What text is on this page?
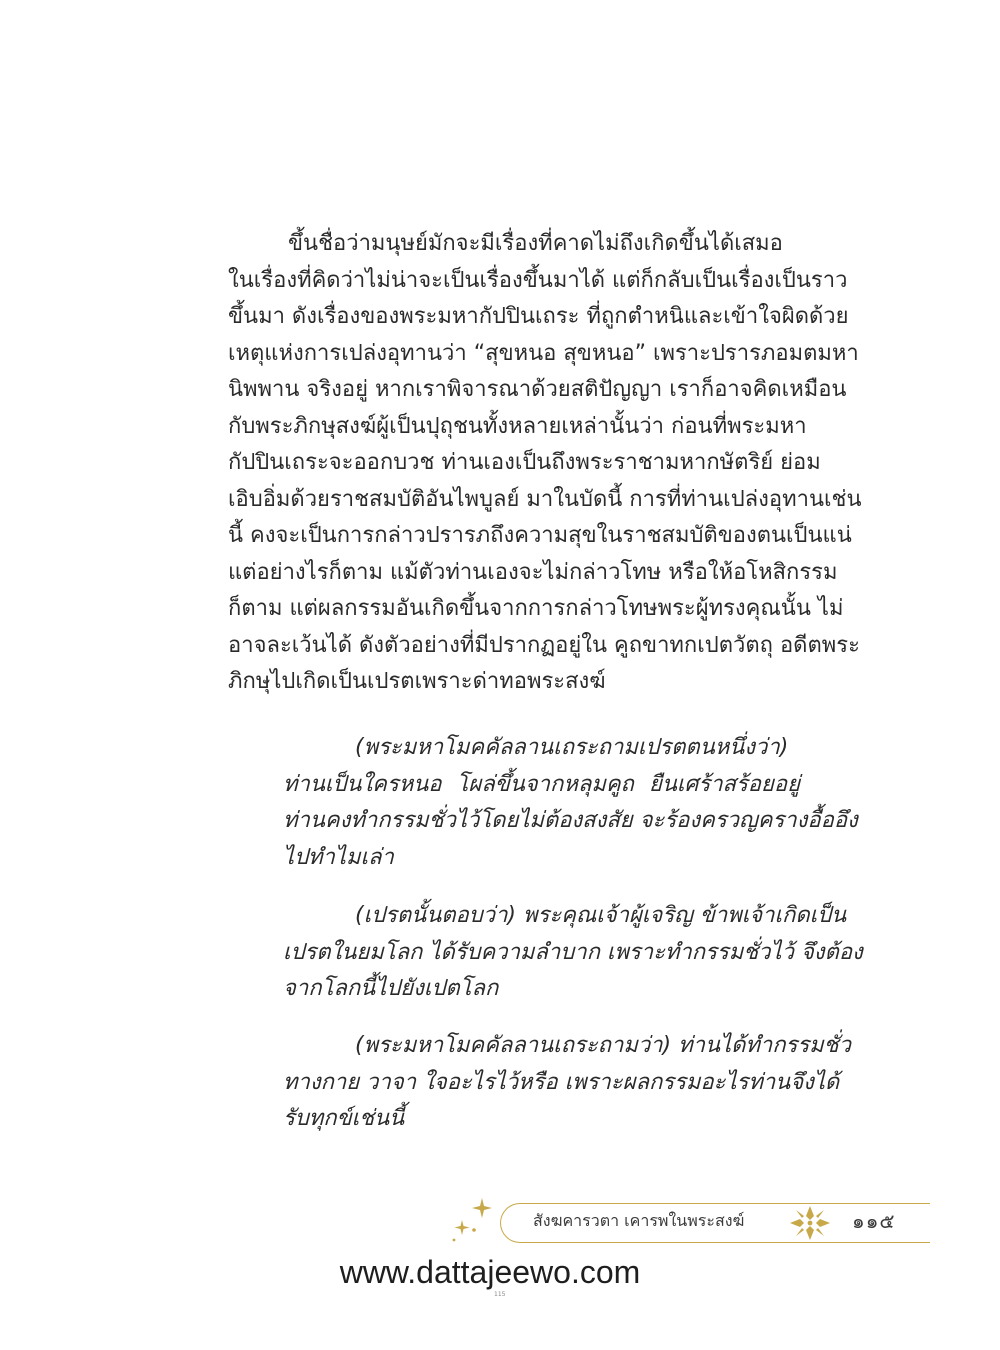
ขึ้นชื่อว่ามนุษย์มักจะมีเรื่องที่คาดไม่ถึงเกิดขึ้นได้เสมอ
ในเรื่องที่คิดว่าไม่น่าจะเป็นเรื่องขึ้นมาได้ แต่ก็กลับเป็นเรื่องเป็นราว
ขึ้นมา ดังเรื่องของพระมหากัปปินเถระ ที่ถูกตำหนิและเข้าใจผิดด้วย
เหตุแห่งการเปล่งอุทานว่า “สุขหนอ สุขหนอ” เพราะปรารภอมตมหา
นิพพาน จริงอยู่ หากเราพิจารณาด้วยสติปัญญา เราก็อาจคิดเหมือน
กับพระภิกษุสงฆ์ผู้เป็นปุถุชนทั้งหลายเหล่านั้นว่า ก่อนที่พระมหา
กัปปินเถระจะออกบวช ท่านเองเป็นถึงพระราชามหากษัตริย์ ย่อม
เอิบอิ่มด้วยราชสมบัติอันไพบูลย์ มาในบัดนี้ การที่ท่านเปล่งอุทานเช่น
นี้ คงจะเป็นการกล่าวปรารภถึงความสุขในราชสมบัติของตนเป็นแน่
แต่อย่างไรก็ตาม แม้ตัวท่านเองจะไม่กล่าวโทษ หรือให้อโหสิกรรม
ก็ตาม แต่ผลกรรมอันเกิดขึ้นจากการกล่าวโทษพระผู้ทรงคุณนั้น ไม่
อาจละเว้นได้ ดังตัวอย่างที่มีปรากฏอยู่ใน คูถขาทกเปตวัตถุ อดีตพระ
ภิกษุไปเกิดเป็นเปรตเพราะด่าทอพระสงฆ์
(พระมหาโมคคัลลานเถระถามเปรตตนหนึ่งว่า)
ท่านเป็นใครหนอ โผล่ขึ้นจากหลุมคูถ ยืนเศร้าสร้อยอยู่
ท่านคงทำกรรมชั่วไว้โดยไม่ต้องสงสัย จะร้องครวญครางอื้ออึง
ไปทำไมเล่า
(เปรตนั้นตอบว่า) พระคุณเจ้าผู้เจริญ ข้าพเจ้าเกิดเป็น
เปรตในยมโลก ได้รับความลำบาก เพราะทำกรรมชั่วไว้ จึงต้อง
จากโลกนี้ไปยังเปตโลก
(พระมหาโมคคัลลานเถระถามว่า) ท่านได้ทำกรรมชั่ว
ทางกาย วาจา ใจอะไรไว้หรือ เพราะผลกรรมอะไรท่านจึงได้
รับทุกข์เช่นนี้
สังฆคารวตา เคารพในพระสงฆ์	๑๑๕
www.dattajeewo.com
115
